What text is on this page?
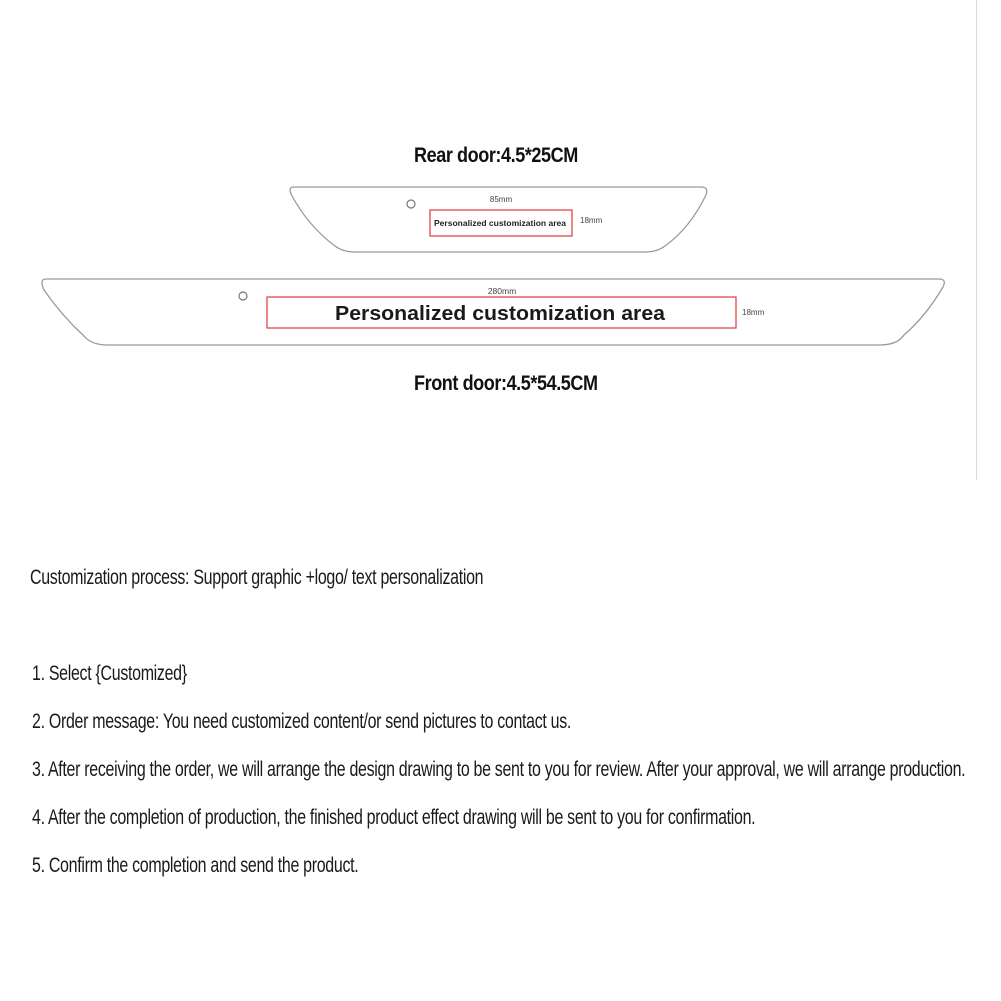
Rear door:4.5*25CM
85mm
Personalized customization area 18mm
280mm
Personalized customization area	18mm
Front door:4.5*54.5CM
Customization process: Support graphic +logo/ text personalization
1. Select {Customized}
2. Order message: You need customized content/or send pictures to contact us.
3. After receiving the order, we will arrange the design drawing to be sent to you for review. After your approval, we will arrange production.
4. After the completion of production, the finished product effect drawing will be sent to you for confirmation.
5. Confirm the completion and send the product.
